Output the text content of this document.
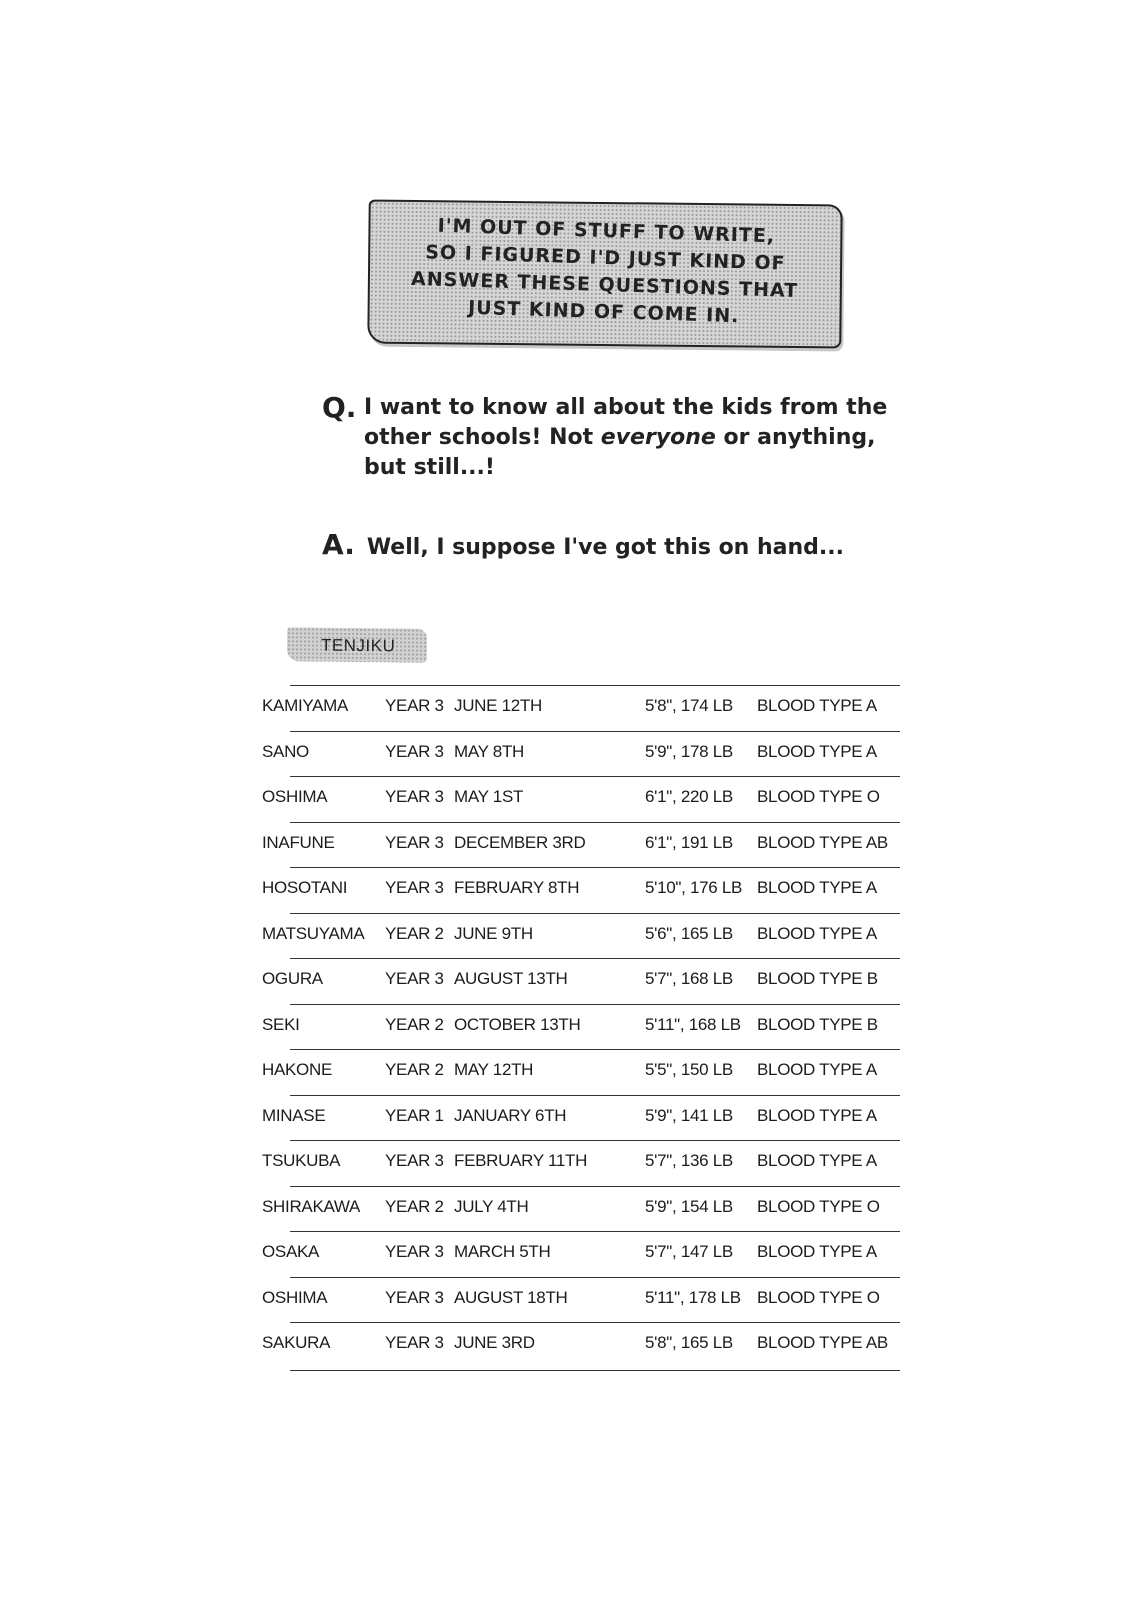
I'M OUT OF STUFF TO WRITE,
SO I FIGURED I'D JUST KIND OF
ANSWER THESE QUESTIONS THAT
JUST KIND OF COME IN.
Q. I want to know all about the kids from the
other schools! Not everyone or anything,
but still...!
A. Well, I suppose I've got this on hand...
TENJIKU
KAMIYAMA YEAR 3 JUNE 12TH	5'8", 174 LB BLOOD TYPE A
SANO	YEAR 3 MAY 8TH	5'9", 178 LB BLOOD TYPE A
OSHIMA	YEAR 3 MAY 1ST	6'1", 220 LB BLOOD TYPE O
INAFUNE	YEAR 3 DECEMBER 3RD	6'1", 191 LB BLOOD TYPE AB
HOSOTANI YEAR 3 FEBRUARY 8TH	5'10", 176 LB BLOOD TYPE A
MATSUYAMA YEAR 2 JUNE 9TH	5'6", 165 LB BLOOD TYPE A
OGURA	YEAR 3 AUGUST 13TH	5'7", 168 LB BLOOD TYPE B
SEKI	YEAR 2 OCTOBER 13TH	5'11", 168 LB BLOOD TYPE B
HAKONE	YEAR 2 MAY 12TH	5'5", 150 LB BLOOD TYPE A
MINASE	YEAR 1 JANUARY 6TH	5'9", 141 LB BLOOD TYPE A
TSUKUBA	YEAR 3 FEBRUARY 11TH	5'7", 136 LB BLOOD TYPE A
SHIRAKAWA YEAR 2 JULY 4TH	5'9", 154 LB BLOOD TYPE O
OSAKA	YEAR 3 MARCH 5TH	5'7", 147 LB BLOOD TYPE A
OSHIMA	YEAR 3 AUGUST 18TH	5'11", 178 LB BLOOD TYPE O
SAKURA	YEAR 3 JUNE 3RD	5'8", 165 LB BLOOD TYPE AB
